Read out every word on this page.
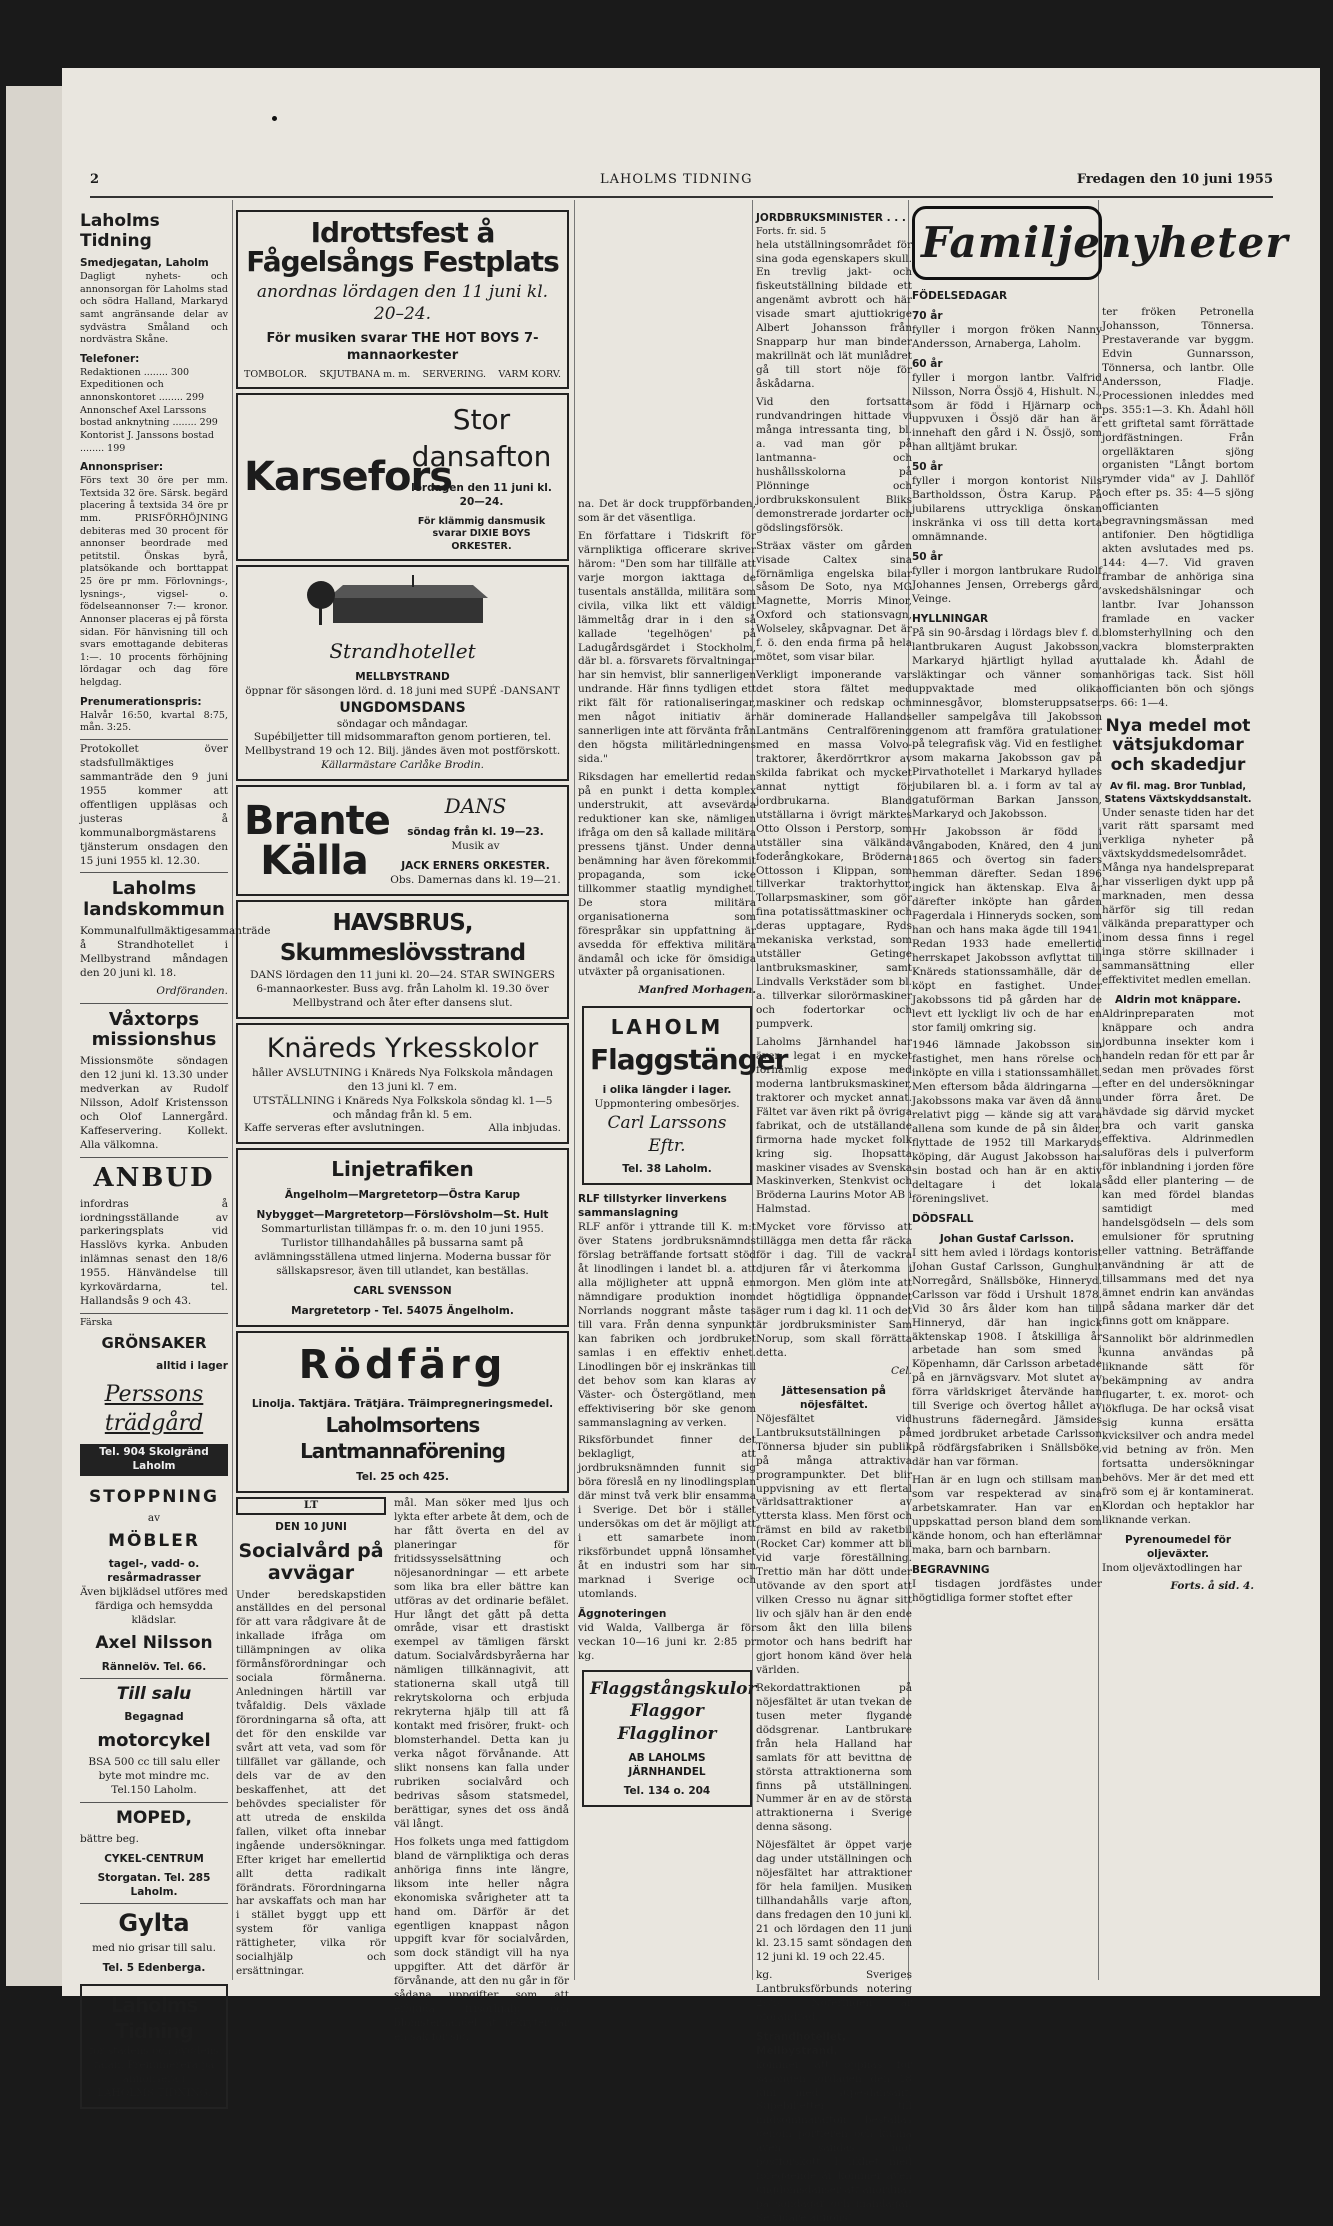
2	LAHOLMS TIDNING	Fredagen den 10 juni 1955
Laholms Tidning
Smedjegatan, Laholm

Dagligt nyhets- och annonsorgan för Laholms stad och södra Halland, Markaryd samt angränsande delar av sydvästra Småland och nordvästra Skåne.

Telefoner:
Redaktionen ........ 300
Expeditionen och annonskontoret ........ 299
Annonschef Axel Larssons bostad anknytning ........ 299
Kontorist J. Janssons bostad ........ 199
Annonspriser:

Förs text 30 öre per mm. Textsida 32 öre. Särsk. begärd placering å textsida 34 öre pr mm. PRISFÖRHÖJNING debiteras med 30 procent för annonser beordrade med petitstil. Önskas byrå, platsökande och borttappat 25 öre pr mm. Förlovnings-, lysnings-, vigsel- o. födelseannonser 7:— kronor. Annonser placeras ej på första sidan. För hänvisning till och svars emottagande debiteras 1:—. 10 procents förhöjning lördagar och dag före helgdag.

Prenumerationspris:

Halvår 16:50, kvartal 8:75, mån. 3:25.

Protokollet över stadsfullmäktiges sammanträde den 9 juni 1955 kommer att offentligen uppläsas och justeras å kommunalborgmästarens tjänsterum onsdagen den 15 juni 1955 kl. 12.30.

Laholms landskommun

Kommunalfullmäktigesammanträde å Strandhotellet i Mellbystrand måndagen den 20 juni kl. 18.

Ordföranden.

Våxtorps missionshus

Missionsmöte söndagen den 12 juni kl. 13.30 under medverkan av Rudolf Nilsson, Adolf Kristensson och Olof Lannergård. Kaffeservering. Kollekt. Alla välkomna.

ANBUD

infordras å iordningsställande av parkeringsplats vid Hasslövs kyrka. Anbuden inlämnas senast den 18/6 1955. Hänvändelse till kyrkovärdarna, tel. Hallandsås 9 och 43.

Färska
GRÖNSAKER
alltid i lager
Perssons trädgård
Tel. 904 Skolgränd Laholm
STOPPNING
av
MÖBLER
tagel-, vadd- o. resårmadrasser

Även bijklädsel utföres med färdiga och hemsydda klädslar.

Axel Nilsson
Rännelöv. Tel. 66.
Till salu
Begagnad
motorcykel

BSA 500 cc till salu eller byte mot mindre mc. Tel.150 Laholm.

MOPED,
bättre beg.
CYKEL-CENTRUM
Storgatan. Tel. 285 Laholm.
Gylta
med nio grisar till salu.
Tel. 5 Edenberga.
Laholms Tidning
för stadens och bygdens talan. Prenumerera på annonsera i
LAHOLMS TIDNING.
Idrottsfest å Fågelsångs Festplats
anordnas lördagen den 11 juni kl. 20–24.
För musiken svarar THE HOT BOYS 7-mannaorkester
TOMBOLOR. SKJUTBANA m. m. SERVERING. VARM KORV.
Karsefors
Stor dansafton
lördagen den 11 juni kl. 20—24.
För klämmig dansmusik svarar DIXIE BOYS ORKESTER.
Strandhotellet
MELLBYSTRAND
öppnar för säsongen lörd. d. 18 juni med SUPÉ -DANSANT
UNGDOMSDANS
söndagar och måndagar.
Supébiljetter till midsommarafton genom portieren, tel. Mellbystrand 19 och 12. Bilj. jändes även mot postförskott.
Källarmästare Carlåke Brodin.
Brante Källa
DANS
söndag från kl. 19—23.
Musik av
JACK ERNERS ORKESTER.
Obs. Damernas dans kl. 19—21.
HAVSBRUS, Skummeslövsstrand
DANS lördagen den 11 juni kl. 20—24. STAR SWINGERS 6-mannaorkester. Buss avg. från Laholm kl. 19.30 över Mellbystrand och åter efter dansens slut.
Knäreds Yrkesskolor
håller AVSLUTNING i Knäreds Nya Folkskola måndagen den 13 juni kl. 7 em.
UTSTÄLLNING i Knäreds Nya Folkskola söndag kl. 1—5 och måndag från kl. 5 em.
Kaffe serveras efter avslutningen.	Alla inbjudas.
Linjetrafiken
Ängelholm—Margretetorp—Östra Karup
Nybygget—Margretetorp—Förslövsholm—St. Hult
Sommarturlistan tillämpas fr. o. m. den 10 juni 1955. Turlistor tillhandahålles på bussarna samt på avlämningsställena utmed linjerna. Moderna bussar för sällskapsresor, även till utlandet, kan beställas.
CARL SVENSSON
Margretetorp - Tel. 54075 Ängelholm.
Rödfärg
Linolja. Taktjära. Trätjära. Träimpregneringsmedel.
Laholmsortens Lantmannaförening
Tel. 25 och 425.
LT
DEN 10 JUNI
Socialvård på avvägar

Under beredskapstiden anställdes en del personal för att vara rådgivare åt de inkallade ifråga om tillämpningen av olika förmånsförordningar och sociala förmånerna. Anledningen härtill var tvåfaldig. Dels växlade förordningarna så ofta, att det för den enskilde var svårt att veta, vad som för tillfället var gällande, och dels var de av den beskaffenhet, att det behövdes specialister för att utreda de enskilda fallen, vilket ofta innebar ingående undersökningar. Efter kriget har emellertid allt detta radikalt förändrats. Förordningarna har avskaffats och man har i stället byggt upp ett system för vanliga rättigheter, vilka rör socialhjälp och ersättningar.

mål. Man söker med ljus och lykta efter arbete åt dem, och de har fått överta en del av planeringar för fritidssysselsättning och nöjesanordningar — ett arbete som lika bra eller bättre kan utföras av det ordinarie befälet. Hur långt det gått på detta område, visar ett drastiskt exempel av tämligen färskt datum. Socialvårdsbyråerna har nämligen tillkännagivit, att stationerna skall utgå till rekrytskolorna och erbjuda rekryterna hjälp till att få kontakt med frisörer, frukt- och blomsterhandel. Detta kan ju verka något förvånande. Att slikt nonsens kan falla under rubriken socialvård och bedrivas såsom statsmedel, berättigar, synes det oss ändå väl långt.

Hos folkets unga med fattigdom bland de värnpliktiga och deras anhöriga finns inte längre, liksom inte heller några ekonomiska svårigheter att ta hand om. Därför är det egentligen knappast någon uppgift kvar för socialvården, som dock ständigt vill ha nya uppgifter. Att det därför är förvånande, att den nu går in för sådana uppgifter som att erbjuda frisörhjälp och blomsterhandel åt rekryter är en sak för sig.

na. Det är dock truppförbanden, som är det väsentliga.

En författare i Tidskrift för värnpliktiga officerare skriver härom: "Den som har tillfälle att varje morgon iakttaga de tusentals anställda, militära som civila, vilka likt ett väldigt lämmeltåg drar in i den så kallade 'tegelhögen' på Ladugårdsgärdet i Stockholm, där bl. a. försvarets förvaltningar har sin hemvist, blir sannerligen undrande. Här finns tydligen ett rikt fält för rationaliseringar, men något initiativ är sannerligen inte att förvänta från den högsta militärledningens sida."

Riksdagen har emellertid redan på en punkt i detta komplex understrukit, att avsevärda reduktioner kan ske, nämligen ifråga om den så kallade militära pressens tjänst. Under denna benämning har även förekommit propaganda, som icke tillkommer staatlig myndighet. De stora militära organisationerna som förespråkar sin uppfattning är avsedda för effektiva militära ändamål och icke för ömsidiga utväxter på organisationen.

Manfred Morhagen.

LAHOLM
Flaggstänger
i olika längder i lager.
Uppmontering ombesörjes.
Carl Larssons Eftr.
Tel. 38 Laholm.
RLF tillstyrker linverkens sammanslagning

RLF anför i yttrande till K. m:t över Statens jordbruksnämnds förslag beträffande fortsatt stöd åt linodlingen i landet bl. a. att alla möjligheter att uppnå en nämndigare produktion inom Norrlands noggrant måste tas till vara. Från denna synpunkt kan fabriken och jordbruket samlas i en effektiv enhet. Linodlingen bör ej inskränkas till det behov som kan klaras av Väster- och Östergötland, men effektivisering bör ske genom sammanslagning av verken.

Riksförbundet finner det beklagligt, att jordbruksnämnden funnit sig böra föreslå en ny linodlingsplan där minst två verk blir ensamma i Sverige. Det bör i stället undersökas om det är möjligt att i ett samarbete inom riksförbundet uppnå lönsamhet åt en industri som har sin marknad i Sverige och utomlands.

Äggnoteringen

vid Walda, Vallberga är för veckan 10—16 juni kr. 2:85 pr kg.

Flaggstångskulor
Flaggor
Flagglinor
AB LAHOLMS JÄRNHANDEL
Tel. 134 o. 204
JORDBRUKSMINISTER . . .
Forts. fr. sid. 5

hela utställningsområdet för sina goda egenskapers skull. En trevlig jakt- och fiskeutställning bildade ett angenämt avbrott och här visade smart ajuttiokrige Albert Johansson från Snapparp hur man binder makrillnät och lät munlådret gå till stort nöje för åskådarna.

Vid den fortsatta rundvandringen hittade vi många intressanta ting, bl. a. vad man gör på lantmanna- och hushållsskolorna på Plönninge och jordbrukskonsulent Bliks demonstrerade jordarter och gödslingsförsök.

Sträax väster om gården visade Caltex sina förnämliga engelska bilar såsom De Soto, nya MG Magnette, Morris Minor, Oxford och stationsvagn, Wolseley, skåpvagnar. Det är f. ö. den enda firma på hela mötet, som visar bilar.

Verkligt imponerande var det stora fältet med maskiner och redskap och här dominerade Hallands Lantmäns Centralförening med en massa Volvo-traktorer, åkerdörrtkror av skilda fabrikat och mycket annat nyttigt för jordbrukarna. Bland utställarna i övrigt märktes Otto Olsson i Perstorp, som utställer sina välkända foderångkokare, Bröderna Ottosson i Klippan, som tillverkar traktorhyttor, Tollarpsmaskiner, som gör fina potatissättmaskiner och deras upptagare, Ryds mekaniska verkstad, som utställer Getinge lantbruksmaskiner, samt Lindvalls Verkstäder som bl. a. tillverkar silorörmaskiner och fodertorkar och pumpverk.

Laholms Järnhandel har även legat i en mycket förnämlig expose med moderna lantbruksmaskiner, traktorer och mycket annat. Fältet var även rikt på övriga fabrikat, och de utställande firmorna hade mycket folk kring sig. Ihopsatta maskiner visades av Svenska Maskinverken, Stenkvist och Bröderna Laurins Motor AB i Halmstad.

Mycket vore förvisso att tillägga men detta får räcka för i dag. Till de vackra djuren får vi återkomma i morgon. Men glöm inte att det högtidliga öppnandet äger rum i dag kl. 11 och det är jordbruksminister Sam Norup, som skall förrätta detta.

Cel.

Jättesensation på nöjesfältet.

Nöjesfältet vid Lantbruksutställningen på Tönnersa bjuder sin publik på många attraktiva programpunkter. Det blir uppvisning av ett flertal världsattraktioner av yttersta klass. Men först och främst en bild av raketbil (Rocket Car) kommer att bli vid varje föreställning. Trettio män har dött under utövande av den sport att vilken Cresso nu ägnar sitt liv och själv han är den ende som åkt den lilla bilens motor och hans bedrift har gjort honom känd över hela världen.

Rekordattraktionen på nöjesfältet är utan tvekan de tusen meter flygande dödsgrenar. Lantbrukare från hela Halland har samlats för att bevittna de största attraktionerna som finns på utställningen. Nummer är en av de största attraktionerna i Sverige denna säsong.

Nöjesfältet är öppet varje dag under utställningen och nöjesfältet har attraktioner för hela familjen. Musiken tillhandahålls varje afton, dans fredagen den 10 juni kl. 21 och lördagen den 11 juni kl. 23.15 samt söndagen den 12 juni kl. 19 och 22.45.

kg. Sveriges Lantbruksförbunds notering 2:75. Noteringen är oförändrad.

Strandhotellet, Mellbystrand,

kommer att öppnas för säsongen lördagen den 18 juni med supé-dansant. Supébiljetter till midsommarafton bestallas genom portieren och kunna även sändas mot postförskott. I likhet med föregående år kommer även ungdomsdanser att anordnas på söndagar och måndagar. Se vidare annons!

Familjenyheter
FÖDELSEDAGAR
70 år

fyller i morgon fröken Nanny Andersson, Arnaberga, Laholm.

60 år

fyller i morgon lantbr. Valfrid Nilsson, Norra Össjö 4, Hishult. N., som är född i Hjärnarp och uppvuxen i Össjö där han är innehaft den gård i N. Össjö, som han alltjämt brukar.

50 år

fyller i morgon kontorist Nils Bartholdsson, Östra Karup. På jubilarens uttryckliga önskan inskränka vi oss till detta korta omnämnande.

50 år

fyller i morgon lantbrukare Rudolf Johannes Jensen, Orrebergs gård, Veinge.

HYLLNINGAR

På sin 90-årsdag i lördags blev f. d. lantbrukaren August Jakobsson, Markaryd hjärtligt hyllad av släktingar och vänner som uppvaktade med olika minnesgåvor, blomsteruppsatser eller sampelgåva till Jakobsson genom att framföra gratulationer på telegrafisk väg. Vid en festlighet som makarna Jakobsson gav på Pirvathotellet i Markaryd hyllades jubilaren bl. a. i form av tal av gatuförman Barkan Jansson, Markaryd och Jakobsson.

Hr Jakobsson är född i Vångaboden, Knäred, den 4 juni 1865 och övertog sin faders hemman därefter. Sedan 1896 ingick han äktenskap. Elva år därefter inköpte han gården Fagerdala i Hinneryds socken, som han och hans maka ägde till 1941. Redan 1933 hade emellertid herrskapet Jakobsson avflyttat till Knäreds stationssamhälle, där de köpt en fastighet. Under Jakobssons tid på gården har de levt ett lyckligt liv och de har en stor familj omkring sig.

1946 lämnade Jakobsson sin fastighet, men hans rörelse och inköpte en villa i stationssamhället. Men eftersom båda äldringarna — Jakobssons maka var även då ännu relativt pigg — kände sig att vara allena som kunde de på sin ålder, flyttade de 1952 till Markaryds köping, där August Jakobsson har sin bostad och han är en aktiv deltagare i det lokala föreningslivet.

DÖDSFALL
Johan Gustaf Carlsson.

I sitt hem avled i lördags kontorist Johan Gustaf Carlsson, Gunghult Norregård, Snällsböke, Hinneryd. Carlsson var född i Urshult 1878. Vid 30 års ålder kom han till Hinneryd, där han ingick äktenskap 1908. I åtskilliga år arbetade han som smed i Köpenhamn, där Carlsson arbetade på en järnvägsvarv. Mot slutet av förra världskriget återvände han till Sverige och övertog hållet av hustruns fädernegård. Jämsides med jordbruket arbetade Carlsson på rödfärgsfabriken i Snällsböke, där han var förman.

Han är en lugn och stillsam man som var respekterad av sina arbetskamrater. Han var en uppskattad person bland dem som kände honom, och han efterlämnar maka, barn och barnbarn.

BEGRAVNING

I tisdagen jordfästes under högtidliga former stoftet efter

ter fröken Petronella Johansson, Tönnersa. Prestaverande var byggm. Edvin Gunnarsson, Tönnersa, och lantbr. Olle Andersson, Fladje. Processionen inleddes med ps. 355:1—3. Kh. Ådahl höll ett griftetal samt förrättade jordfästningen. Från orgelläktaren sjöng organisten "Långt bortom rymder vida" av J. Dahllöf och efter ps. 35: 4—5 sjöng officianten begravningsmässan med antifonier. Den högtidliga akten avslutades med ps. 144: 4—7. Vid graven frambar de anhöriga sina avskedshälsningar och lantbr. Ivar Johansson framlade en vacker blomsterhyllning och den vackra blomsterprakten uttalade kh. Ådahl de anhörigas tack. Sist höll officianten bön och sjöngs ps. 66: 1—4.

Nya medel mot vätsjukdomar och skadedjur
Av fil. mag. Bror Tunblad, Statens Växtskyddsanstalt.

Under senaste tiden har det varit rätt sparsamt med verkliga nyheter på växtskyddsmedelsområdet. Många nya handelspreparat har visserligen dykt upp på marknaden, men dessa härför sig till redan välkända preparattyper och inom dessa finns i regel inga större skillnader i sammansättning eller effektivitet medlen emellan.

Aldrin mot knäppare.

Aldrinpreparaten mot knäppare och andra jordbunna insekter kom i handeln redan för ett par år sedan men prövades först efter en del undersökningar under förra året. De hävdade sig därvid mycket bra och varit ganska effektiva. Aldrinmedlen saluföras dels i pulverform för inblandning i jorden före sådd eller plantering — de kan med fördel blandas samtidigt med handelsgödseln — dels som emulsioner för sprutning eller vattning. Beträffande användning är att de tillsammans med det nya ämnet endrin kan användas på sådana marker där det finns gott om knäppare.

Sannolikt bör aldrinmedlen kunna användas på liknande sätt för bekämpning av andra flugarter, t. ex. morot- och lökfluga. De har också visat sig kunna ersätta kvicksilver och andra medel vid betning av frön. Men fortsatta undersökningar behövs. Mer är det med ett frö som ej är kontaminerat. Klordan och heptaklor har liknande verkan.

Pyrenoumedel för oljeväxter.

Inom oljeväxtodlingen har

Forts. å sid. 4.
